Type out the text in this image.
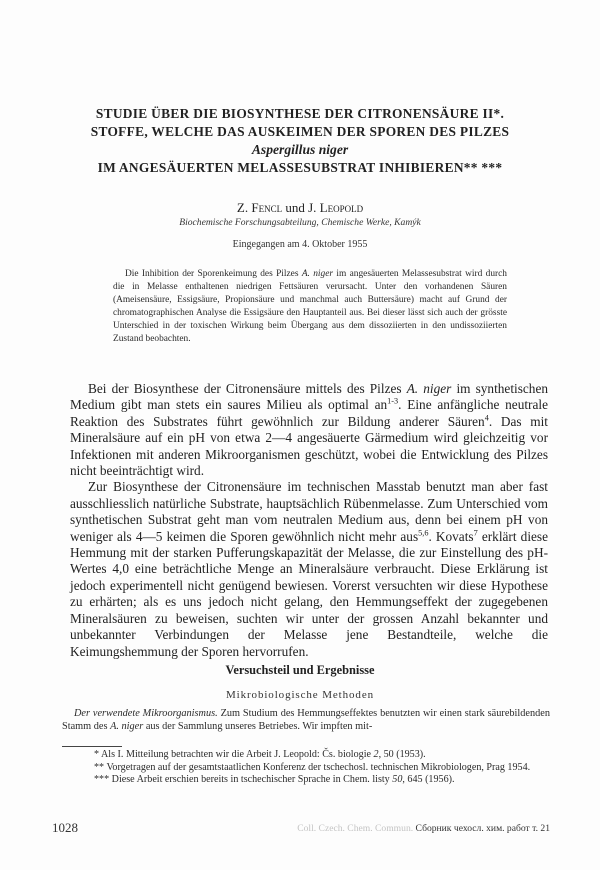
STUDIE ÜBER DIE BIOSYNTHESE DER CITRONENSÄURE II*.
STOFFE, WELCHE DAS AUSKEIMEN DER SPOREN DES PILZES
Aspergillus niger
IM ANGESÄUERTEN MELASSESUBSTRAT INHIBIEREN** ***
Z. Fencl und J. Leopold
Biochemische Forschungsabteilung, Chemische Werke, Kamýk
Eingegangen am 4. Oktober 1955
Die Inhibition der Sporenkeimung des Pilzes A. niger im angesäuerten Melassesubstrat wird durch die in Melasse enthaltenen niedrigen Fettsäuren verursacht. Unter den vorhandenen Säuren (Ameisensäure, Essigsäure, Propionsäure und manchmal auch Buttersäure) macht auf Grund der chromatographischen Analyse die Essigsäure den Hauptanteil aus. Bei dieser lässt sich auch der grösste Unterschied in der toxischen Wirkung beim Übergang aus dem dissoziierten in den undissoziierten Zustand beobachten.

Bei der Biosynthese der Citronensäure mittels des Pilzes A. niger im synthetischen Medium gibt man stets ein saures Milieu als optimal $an^{1-3}$. Eine anfängliche neutrale Reaktion des Substrates führt gewöhnlich zur Bildung anderer Säuren$^4$. Das mit Mineralsäure auf ein pH von etwa 2—4 angesäuerte Gärmedium wird gleichzeitig vor Infektionen mit anderen Mikroorganismen geschützt, wobei die Entwicklung des Pilzes nicht beeinträchtigt wird.

Zur Biosynthese der Citronensäure im technischen Masstab benutzt man aber fast ausschliesslich natürliche Substrate, hauptsächlich Rübenmelasse. Zum Unterschied vom synthetischen Substrat geht man vom neutralen Medium aus, denn bei einem pH von weniger als 4—5 keimen die Sporen gewöhnlich nicht mehr aus$^{5,6}$. Kovats$^7$ erklärt diese Hemmung mit der starken Pufferungskapazität der Melasse, die zur Einstellung des pH-Wertes 4,0 eine beträchtliche Menge an Mineralsäure verbraucht. Diese Erklärung ist jedoch experimentell nicht genügend bewiesen. Vorerst versuchten wir diese Hypothese zu erhärten; als es uns jedoch nicht gelang, den Hemmungseffekt der zugegebenen Mineralsäuren zu beweisen, suchten wir unter der grossen Anzahl bekannter und unbekannter Verbindungen der Melasse jene Bestandteile, welche die Keimungshemmung der Sporen hervorrufen.

Versuchsteil und Ergebnisse
Mikrobiologische Methoden
Der verwendete Mikroorganismus. Zum Studium des Hemmungseffektes benutzten wir einen stark säurebildenden Stamm des A. niger aus der Sammlung unseres Betriebes. Wir impften mit-

* Als I. Mitteilung betrachten wir die Arbeit J. Leopold: Čs. biologie 2, 50 (1953).

** Vorgetragen auf der gesamtstaatlichen Konferenz der tschechosl. technischen Mikrobiologen, Prag 1954.

*** Diese Arbeit erschien bereits in tschechischer Sprache in Chem. listy 50, 645 (1956).

1028	Coll. Czech. Chem. Commun. Сборник чехосл. хим. работ т. 21
